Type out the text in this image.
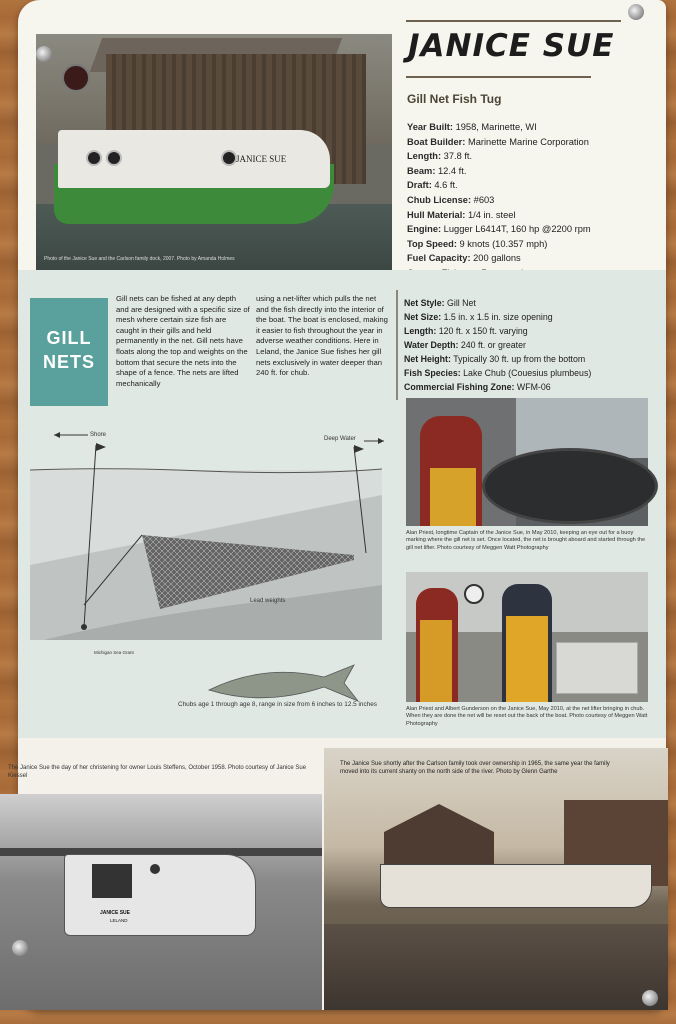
JANICE SUE
Photo of the Janice Sue and the Carlson family dock, 2007. Photo by Amanda Holmes
JANICE SUE
Gill Net Fish Tug
Year Built: 1958, Marinette, WI
Boat Builder: Marinette Marine Corporation
Length: 37.8 ft.
Beam: 12.4 ft.
Draft: 4.6 ft.
Chub License: #603
Hull Material: 1/4 in. steel
Engine: Lugger L6414T, 160 hp @2200 rpm
Top Speed: 9 knots (10.357 mph)
Fuel Capacity: 200 gallons
GILL
NETS
Gill nets can be fished at any depth and are designed with a specific size of mesh where certain size fish are caught in their gills and held permanently in the net. Gill nets have floats along the top and weights on the bottom that secure the nets into the shape of a fence. The nets are lifted mechanically
using a net-lifter which pulls the net and the fish directly into the interior of the boat. The boat is enclosed, making it easier to fish throughout the year in adverse weather conditions. Here in Leland, the Janice Sue fishes her gill nets exclusively in water deeper than 240 ft. for chub.
Net Style: Gill Net
Net Size: 1.5 in. x 1.5 in. size opening
Length: 120 ft. x 150 ft. varying
Water Depth: 240 ft. or greater
Net Height: Typically 30 ft. up from the bottom
Fish Species: Lake Chub (Couesius plumbeus)
Commercial Fishing Zone: WFM-06
Shore
Deep Water
Lead weights
Michigan Sea Grant
Chubs age 1 through age 8, range in size from 6 inches to 12.5 inches
Alan Priest, longtime Captain of the Janice Sue, in May 2010, keeping an eye out for a buoy marking where the gill net is set. Once located, the net is brought aboard and started through the gill net lifter. Photo courtesy of Meggen Watt Photography
Alan Priest and Albert Gunderson on the Janice Sue, May 2010, at the net lifter bringing in chub. When they are done the net will be reset out the back of the boat. Photo courtesy of Meggen Watt Photography
JANICE SUE
LELAND
The Janice Sue the day of her christening for owner Louis Steffens, October 1958. Photo courtesy of Janice Sue Kiessel
The Janice Sue shortly after the Carlson family took over ownership in 1965, the same year the family moved into its current shanty on the north side of the river. Photo by Glenn Garthe
